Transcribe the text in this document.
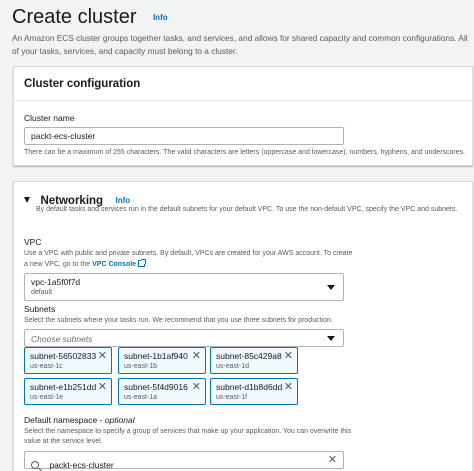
Create cluster Info
An Amazon ECS cluster groups together tasks, and services, and allows for shared capacity and common configurations. All of your tasks, services, and capacity must belong to a cluster.
Cluster configuration
Cluster name
packt-ecs-cluster
There can be a maximum of 255 characters. The valid characters are letters (uppercase and lowercase), numbers, hyphens, and underscores.
Networking Info
By default tasks and services run in the default subnets for your default VPC. To use the non-default VPC, specify the VPC and subnets.
VPC
Use a VPC with public and private subnets. By default, VPCs are created for your AWS account. To create a new VPC, go to the VPC Console .
vpc-1a5f0f7d
default
Subnets
Select the subnets where your tasks run. We recommend that you use three subnets for production.
Choose subnets
subnet-56502833
us-east-1c
✕ subnet-1b1af940
us-east-1b
✕ subnet-85c429a8
us-east-1d
✕
subnet-e1b251dd
us-east-1e
✕ subnet-5f4d9016
us-east-1a
✕ subnet-d1b8d6dd
us-east-1f
✕
Default namespace - optional
Select the namespace to specify a group of services that make up your application. You can overwrite this value at the service level.
packt-ecs-cluster	✕
